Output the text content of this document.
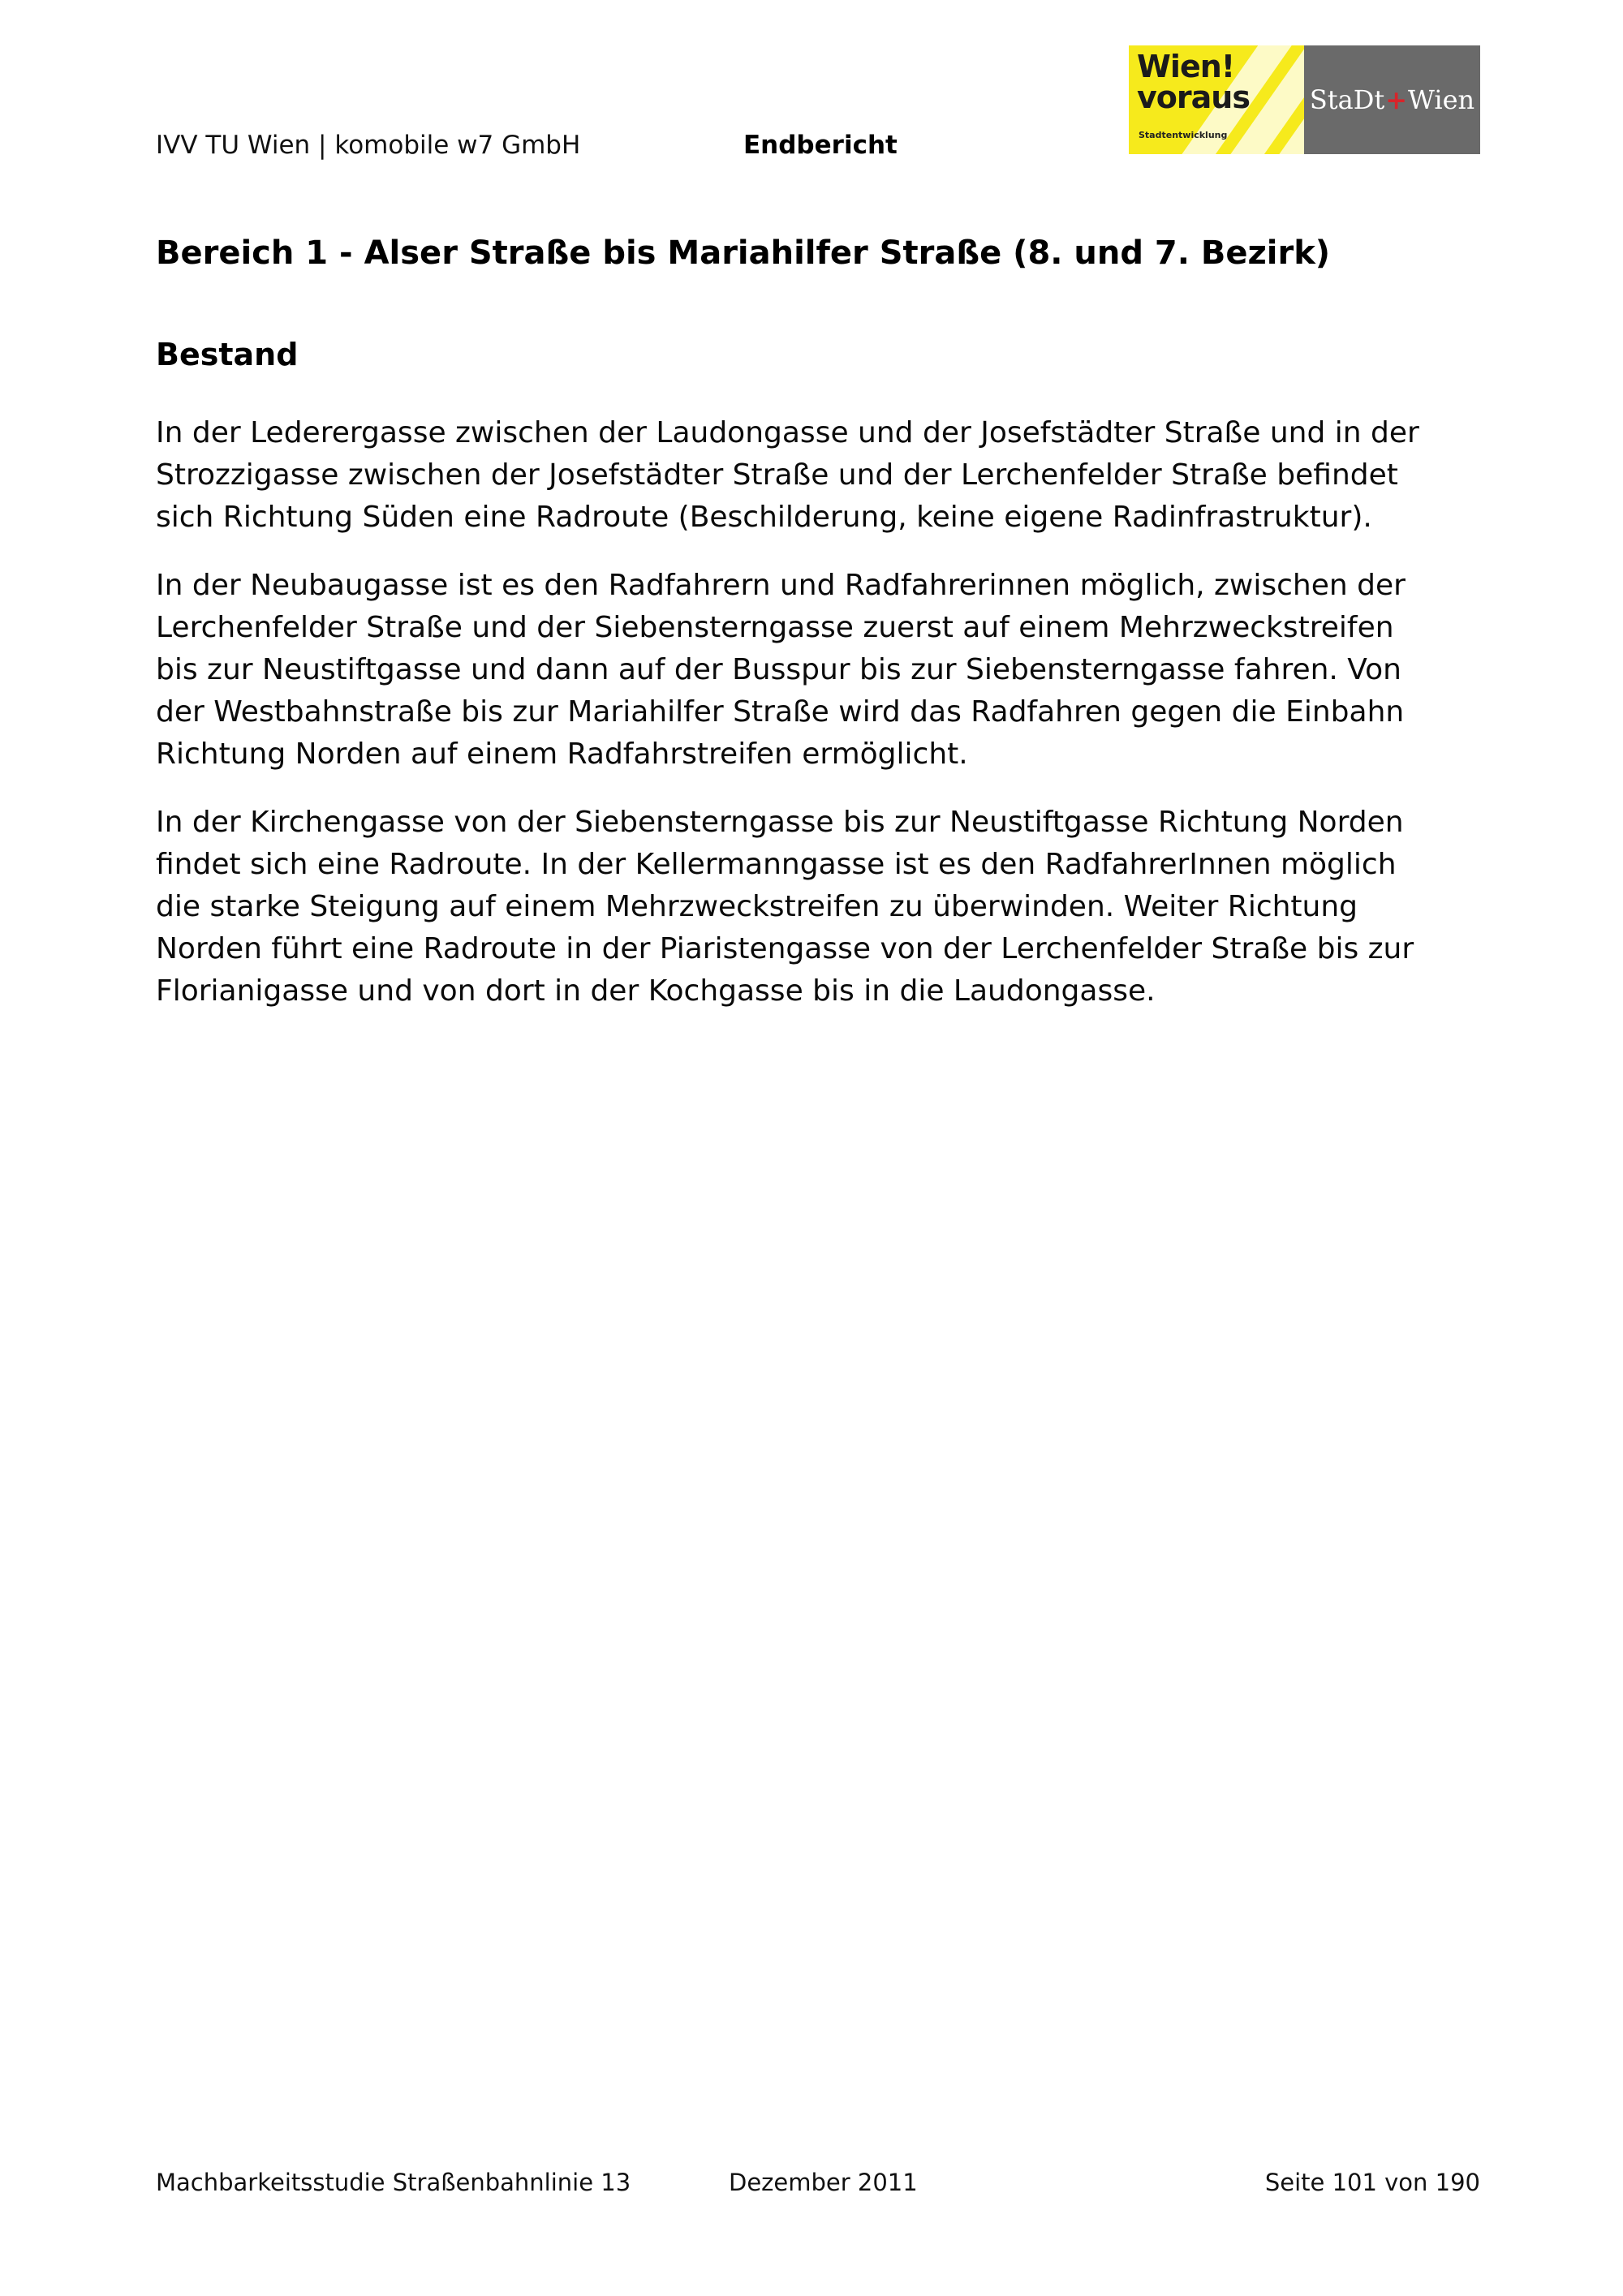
IVV TU Wien | komobile w7 GmbH	Endbericht
Wien!
voraus
Stadtentwicklung
StaDt + Wien
Bereich 1 - Alser Straße bis Mariahilfer Straße (8. und 7. Bezirk)
Bestand

In der Lederergasse zwischen der Laudongasse und der Josefstädter Straße und in der
Strozzigasse zwischen der Josefstädter Straße und der Lerchenfelder Straße befindet
sich Richtung Süden eine Radroute (Beschilderung, keine eigene Radinfrastruktur).

In der Neubaugasse ist es den Radfahrern und Radfahrerinnen möglich, zwischen der
Lerchenfelder Straße und der Siebensterngasse zuerst auf einem Mehrzweckstreifen
bis zur Neustiftgasse und dann auf der Busspur bis zur Siebensterngasse fahren. Von
der Westbahnstraße bis zur Mariahilfer Straße wird das Radfahren gegen die Einbahn
Richtung Norden auf einem Radfahrstreifen ermöglicht.

In der Kirchengasse von der Siebensterngasse bis zur Neustiftgasse Richtung Norden
findet sich eine Radroute. In der Kellermanngasse ist es den RadfahrerInnen möglich
die starke Steigung auf einem Mehrzweckstreifen zu überwinden. Weiter Richtung
Norden führt eine Radroute in der Piaristengasse von der Lerchenfelder Straße bis zur
Florianigasse und von dort in der Kochgasse bis in die Laudongasse.

Machbarkeitsstudie Straßenbahnlinie 13	Dezember 2011	Seite 101 von 190
